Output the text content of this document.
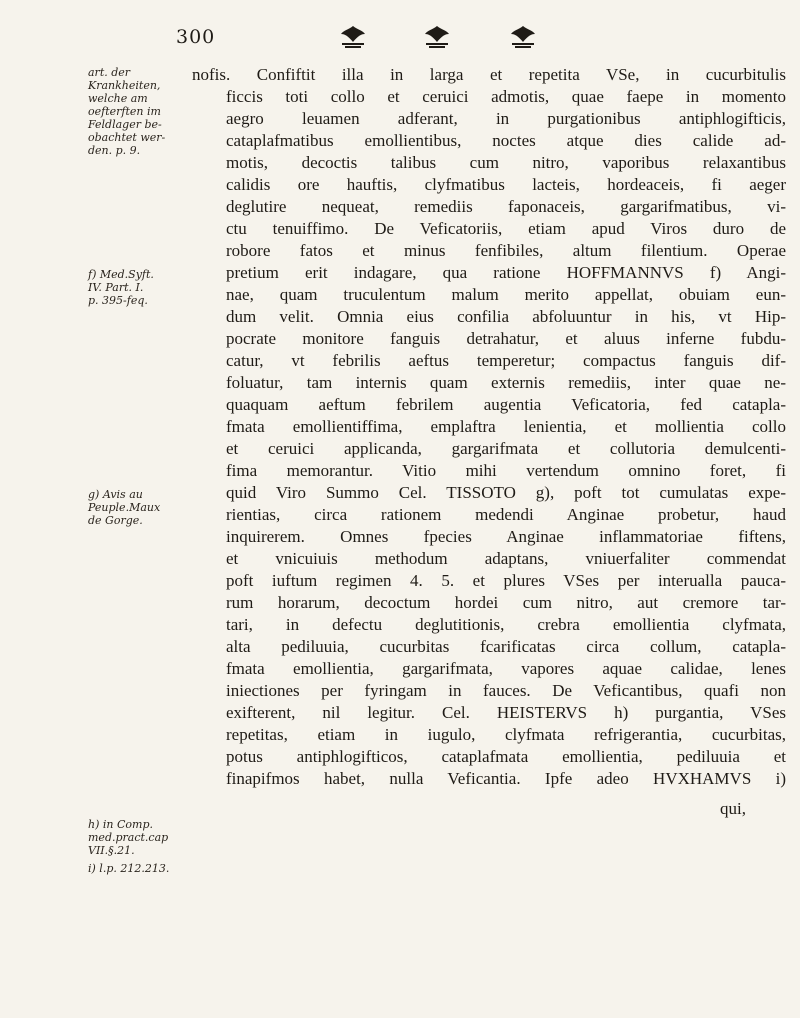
300
art. der
Krankheiten,
welche am
oefterften im
Feldlager be-
obachtet wer-
den. p. 9.
f) Med.Syft.
IV. Part. I.
p. 395-feq.
g) Avis au
Peuple.Maux
de Gorge.
h) in Comp.
med.pract.cap
VII.§.21.
i) l.p. 212.213.
nofis. Confiftit illa in larga et repetita VSe, in cucurbitulis
ficcis toti collo et ceruici admotis, quae faepe in momento
aegro leuamen adferant, in purgationibus antiphlogifticis,
cataplafmatibus emollientibus, noctes atque dies calide ad-
motis, decoctis talibus cum nitro, vaporibus relaxantibus
calidis ore hauftis, clyfmatibus lacteis, hordeaceis, fi aeger
deglutire nequeat, remediis faponaceis, gargarifmatibus, vi-
ctu tenuiffimo. De Veficatoriis, etiam apud Viros duro de
robore fatos et minus fenfibiles, altum filentium. Operae
pretium erit indagare, qua ratione HOFFMANNVS f) Angi-
nae, quam truculentum malum merito appellat, obuiam eun-
dum velit. Omnia eius confilia abfoluuntur in his, vt Hip-
pocrate monitore fanguis detrahatur, et aluus inferne fubdu-
catur, vt febrilis aeftus temperetur; compactus fanguis dif-
foluatur, tam internis quam externis remediis, inter quae ne-
quaquam aeftum febrilem augentia Veficatoria, fed catapla-
fmata emollientiffima, emplaftra lenientia, et mollientia collo
et ceruici applicanda, gargarifmata et collutoria demulcenti-
fima memorantur. Vitio mihi vertendum omnino foret, fi
quid Viro Summo Cel. TISSOTO g), poft tot cumulatas expe-
rientias, circa rationem medendi Anginae probetur, haud
inquirerem. Omnes fpecies Anginae inflammatoriae fiftens,
et vnicuiuis methodum adaptans, vniuerfaliter commendat
poft iuftum regimen 4. 5. et plures VSes per interualla pauca-
rum horarum, decoctum hordei cum nitro, aut cremore tar-
tari, in defectu deglutitionis, crebra emollientia clyfmata,
alta pediluuia, cucurbitas fcarificatas circa collum, catapla-
fmata emollientia, gargarifmata, vapores aquae calidae, lenes
iniectiones per fyringam in fauces. De Veficantibus, quafi non
exifterent, nil legitur. Cel. HEISTERVS h) purgantia, VSes
repetitas, etiam in iugulo, clyfmata refrigerantia, cucurbitas,
potus antiphlogifticos, cataplafmata emollientia, pediluuia et
finapifmos habet, nulla Veficantia. Ipfe adeo HVXHAMVS i)
qui,
